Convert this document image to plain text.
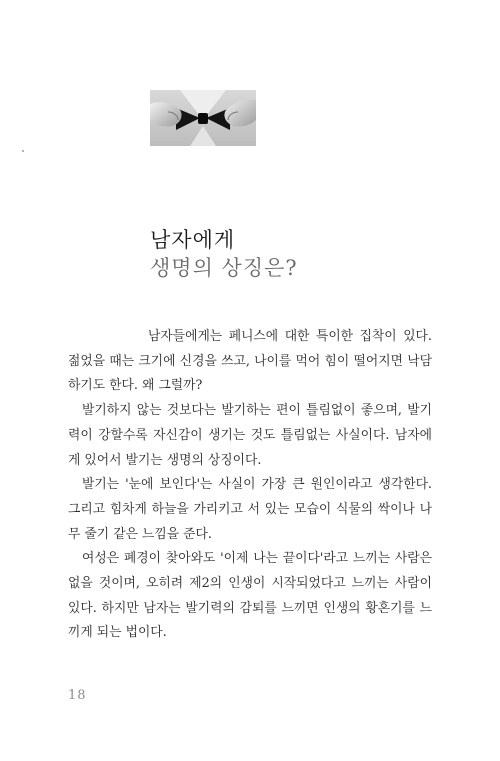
남자에게
생명의 상징은?

남자들에게는 페니스에 대한 특이한 집착이 있다. 젊었을 때는 크기에 신경을 쓰고, 나이를 먹어 힘이 떨어지면 낙담하기도 한다. 왜 그럴까?

발기하지 않는 것보다는 발기하는 편이 틀림없이 좋으며, 발기력이 강할수록 자신감이 생기는 것도 틀림없는 사실이다. 남자에게 있어서 발기는 생명의 상징이다.

발기는 '눈에 보인다'는 사실이 가장 큰 원인이라고 생각한다. 그리고 힘차게 하늘을 가리키고 서 있는 모습이 식물의 싹이나 나무 줄기 같은 느낌을 준다.

여성은 폐경이 찾아와도 '이제 나는 끝이다'라고 느끼는 사람은 없을 것이며, 오히려 제2의 인생이 시작되었다고 느끼는 사람이 있다. 하지만 남자는 발기력의 감퇴를 느끼면 인생의 황혼기를 느끼게 되는 법이다.

18
